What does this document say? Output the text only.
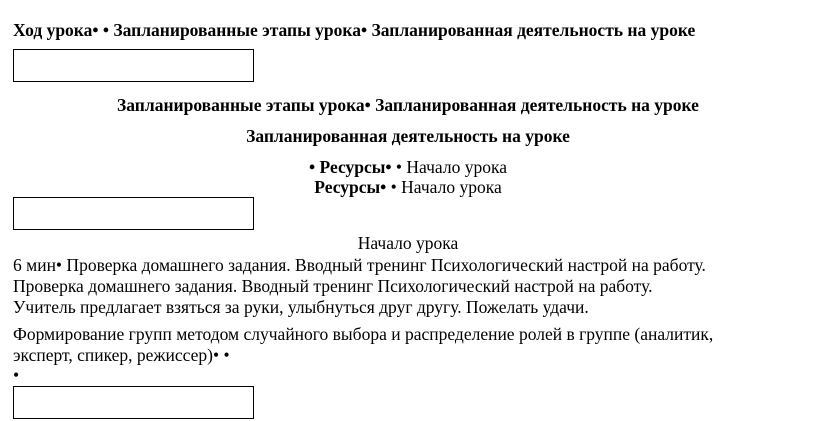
Ход урока• • Запланированные этапы урока• Запланированная деятельность на уроке
Запланированные этапы урока• Запланированная деятельность на уроке
Запланированная деятельность на уроке
• Ресурсы• • Начало урока
Ресурсы• • Начало урока
Начало урока
6 мин• Проверка домашнего задания. Вводный тренинг Психологический настрой на работу.
Проверка домашнего задания. Вводный тренинг Психологический настрой на работу.
Учитель предлагает взяться за руки, улыбнуться друг другу. Пожелать удачи.
Формирование групп методом случайного выбора и распределение ролей в группе (аналитик,
эксперт, спикер, режиссер)• •
•
